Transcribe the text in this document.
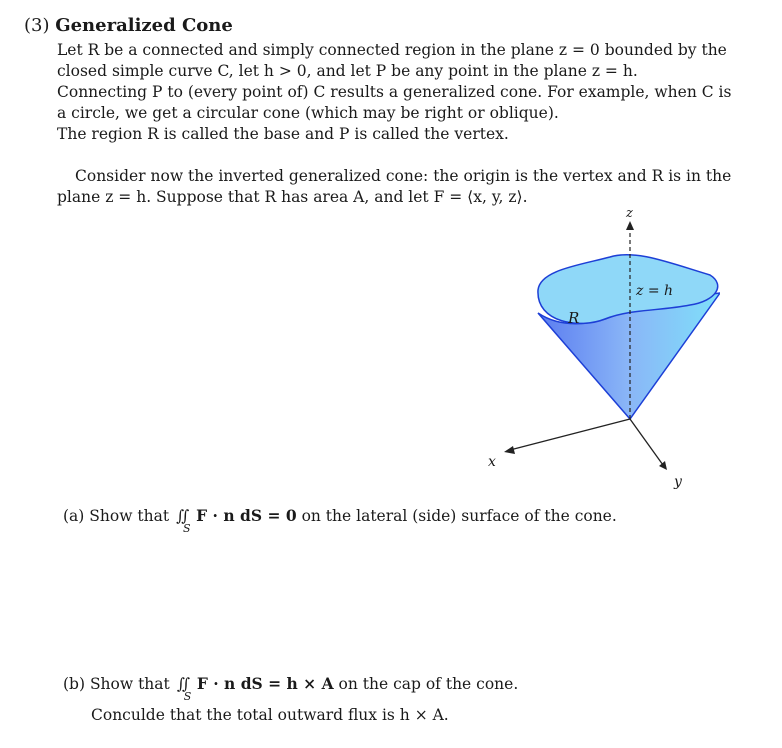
(3) Generalized Cone
Let R be a connected and simply connected region in the plane z = 0 bounded by the
closed simple curve C, let h > 0, and let P be any point in the plane z = h.
Connecting P to (every point of) C results a generalized cone. For example, when C is
a circle, we get a circular cone (which may be right or oblique).
The region R is called the base and P is called the vertex.
Consider now the inverted generalized cone: the origin is the vertex and R is in the
plane z = h. Suppose that R has area A, and let F = ⟨x, y, z⟩.
z
x
y
R
z = h
(a) Show that ∬
S
F · n dS = 0 on the lateral (side) surface of the cone.
(b) Show that ∬
S
F · n dS = h × A on the cap of the cone.
Conculde that the total outward flux is h × A.
